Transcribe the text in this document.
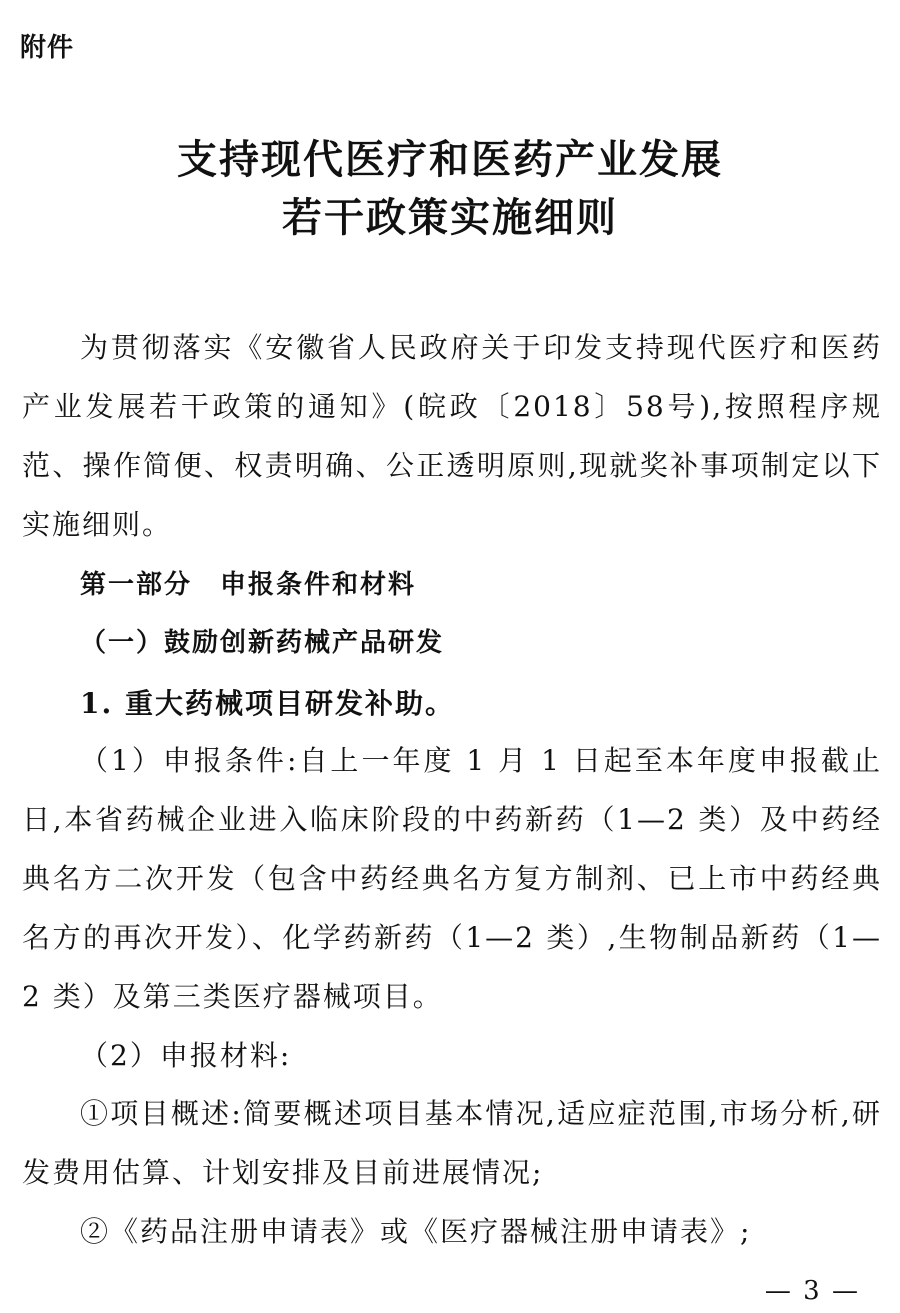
附件
支持现代医疗和医药产业发展
若干政策实施细则

为贯彻落实《安徽省人民政府关于印发支持现代医疗和医药产业发展若干政策的通知》(皖政〔2018〕58号),按照程序规范、操作简便、权责明确、公正透明原则,现就奖补事项制定以下实施细则。

第一部分　申报条件和材料
（一）鼓励创新药械产品研发
1. 重大药械项目研发补助。

（1）申报条件:自上一年度 1 月 1 日起至本年度申报截止日,本省药械企业进入临床阶段的中药新药（1—2 类）及中药经典名方二次开发（包含中药经典名方复方制剂、已上市中药经典名方的再次开发）、化学药新药（1—2 类）,生物制品新药（1—2 类）及第三类医疗器械项目。

（2）申报材料:

①项目概述:简要概述项目基本情况,适应症范围,市场分析,研发费用估算、计划安排及目前进展情况;

②《药品注册申请表》或《医疗器械注册申请表》;
— 3 —
